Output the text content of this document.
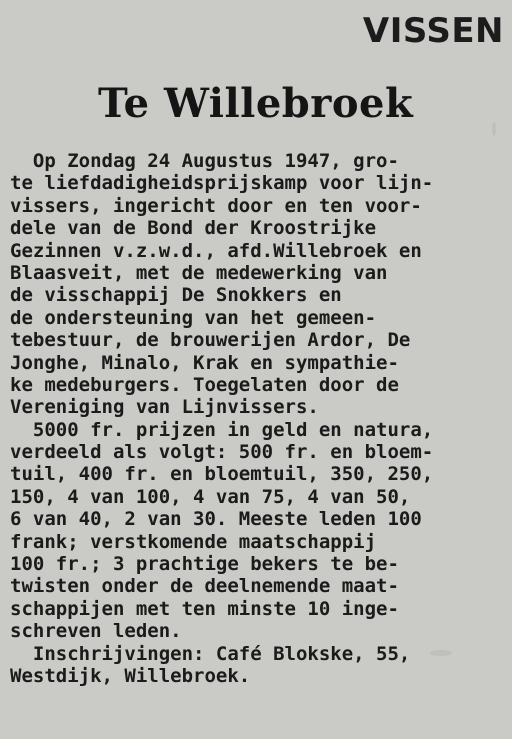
VISSEN
Te Willebroek
Op Zondag 24 Augustus 1947, gro-
te liefdadigheidsprijskamp voor lijn-
vissers, ingericht door en ten voor-
dele van de Bond der Kroostrijke
Gezinnen v.z.w.d., afd.Willebroek en
Blaasveit, met de medewerking van
de visschappij De Snokkers en
de ondersteuning van het gemeen-
tebestuur, de brouwerijen Ardor, De
Jonghe, Minalo, Krak en sympathie-
ke medeburgers. Toegelaten door de
Vereniging van Lijnvissers.
5000 fr. prijzen in geld en natura,
verdeeld als volgt: 500 fr. en bloem-
tuil, 400 fr. en bloemtuil, 350, 250,
150, 4 van 100, 4 van 75, 4 van 50,
6 van 40, 2 van 30. Meeste leden 100
frank; verstkomende maatschappij
100 fr.; 3 prachtige bekers te be-
twisten onder de deelnemende maat-
schappijen met ten minste 10 inge-
schreven leden.
Inschrijvingen: Café Blokske, 55,
Westdijk, Willebroek.
